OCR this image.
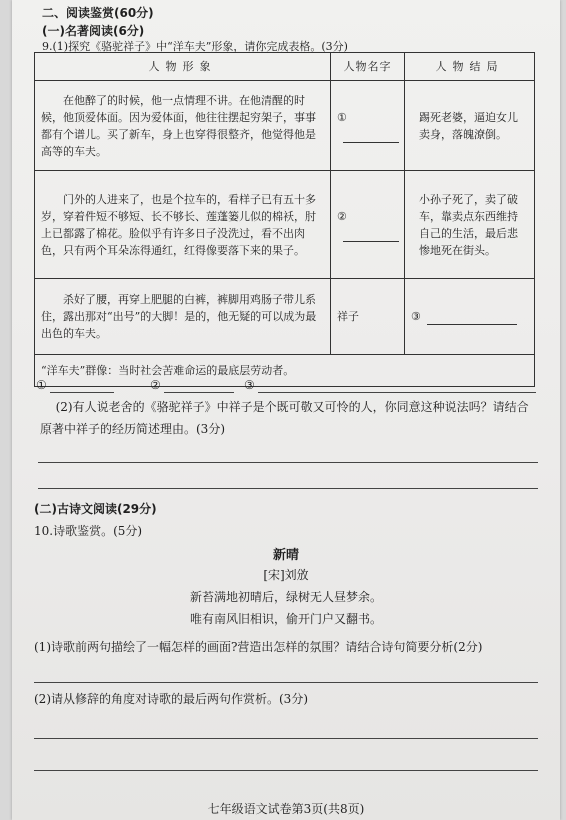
二、阅读鉴赏(60分)
(一)名著阅读(6分)
9.(1)探究《骆驼祥子》中“洋车夫”形象，请你完成表格。(3分)
人物形象	人物名字	人物结局
在他醉了的时候，他一点情理不讲。在他清醒的时候，他顶爱体面。因为爱体面，他往往摆起穷架子，事事都有个谱儿。买了新车，身上也穿得很整齐，他觉得他是高等的车夫。	①	踢死老婆，逼迫女儿卖身，落魄潦倒。
门外的人进来了，也是个拉车的，看样子已有五十多岁，穿着件短不够短、长不够长、莲蓬篓儿似的棉袄，肘上已都露了棉花。脸似乎有许多日子没洗过，看不出肉色，只有两个耳朵冻得通红，红得像要落下来的果子。	②	小孙子死了，卖了破车，靠卖点东西维持自己的生活，最后悲惨地死在街头。
杀好了腰，再穿上肥腿的白裤，裤脚用鸡肠子带儿系住，露出那对“出号”的大脚！是的，他无疑的可以成为最出色的车夫。	祥子	③
“洋车夫”群像：当时社会苦难命运的最底层劳动者。		
①	②	③
(2)有人说老舍的《骆驼祥子》中祥子是个既可敬又可怜的人，你同意这种说法吗？请结合原著中祥子的经历简述理由。(3分)
(二)古诗文阅读(29分)
10.诗歌鉴赏。(5分)
新晴
[宋]刘攽
新苔满地初晴后，绿树无人昼梦余。
唯有南风旧相识，偷开门户又翻书。
(1)诗歌前两句描绘了一幅怎样的画面?营造出怎样的氛围？请结合诗句简要分析(2分)
(2)请从修辞的角度对诗歌的最后两句作赏析。(3分)
七年级语文试卷第3页(共8页)
